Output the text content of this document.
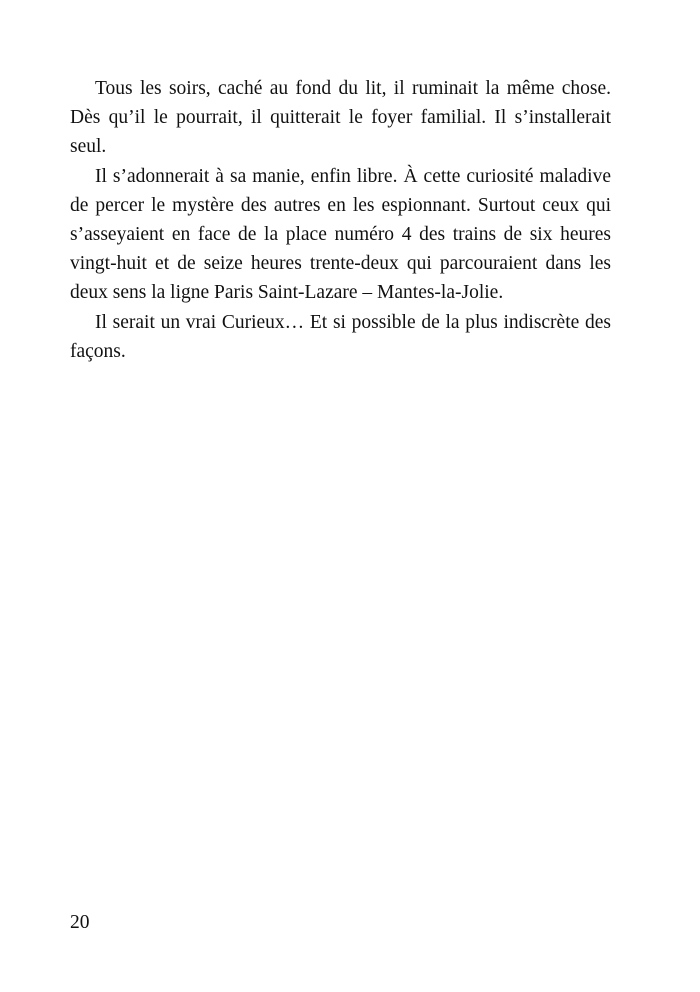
Tous les soirs, caché au fond du lit, il ruminait la même chose. Dès qu’il le pourrait, il quitterait le foyer familial. Il s’installerait seul.

Il s’adonnerait à sa manie, enfin libre. À cette curiosité maladive de percer le mystère des autres en les espionnant. Surtout ceux qui s’asseyaient en face de la place numéro 4 des trains de six heures vingt-huit et de seize heures trente-deux qui parcouraient dans les deux sens la ligne Paris Saint-Lazare – Mantes-la-Jolie.

Il serait un vrai Curieux… Et si possible de la plus indiscrète des façons.

20
